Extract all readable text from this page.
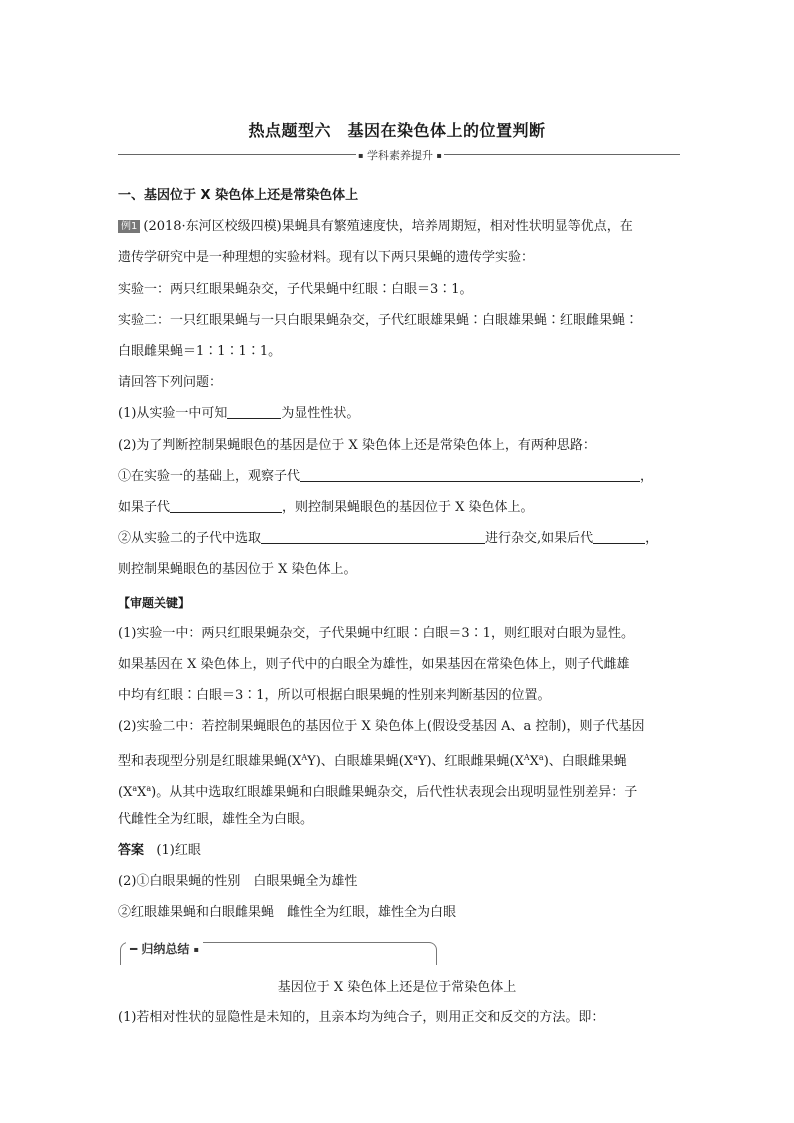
热点题型六　基因在染色体上的位置判断
▪ 学科素养提升 ▪
一、基因位于 X 染色体上还是常染色体上
例1 (2018·东河区校级四模)果蝇具有繁殖速度快，培养周期短，相对性状明显等优点，在
遗传学研究中是一种理想的实验材料。现有以下两只果蝇的遗传学实验：
实验一：两只红眼果蝇杂交，子代果蝇中红眼∶白眼＝3∶1。
实验二：一只红眼果蝇与一只白眼果蝇杂交，子代红眼雄果蝇∶白眼雄果蝇∶红眼雌果蝇∶
白眼雌果蝇＝1∶1∶1∶1。
请回答下列问题：
(1)从实验一中可知	为显性性状。
(2)为了判断控制果蝇眼色的基因是位于 X 染色体上还是常染色体上，有两种思路：
①在实验一的基础上，观察子代	，
如果子代	，则控制果蝇眼色的基因位于 X 染色体上。
②从实验二的子代中选取	进行杂交,如果后代	，
则控制果蝇眼色的基因位于 X 染色体上。
【审题关键】
(1)实验一中：两只红眼果蝇杂交，子代果蝇中红眼∶白眼＝3∶1，则红眼对白眼为显性。
如果基因在 X 染色体上，则子代中的白眼全为雄性，如果基因在常染色体上，则子代雌雄
中均有红眼∶白眼＝3∶1，所以可根据白眼果蝇的性别来判断基因的位置。
(2)实验二中：若控制果蝇眼色的基因位于 X 染色体上(假设受基因 A、a 控制)，则子代基因
型和表现型分别是红眼雄果蝇$(X^AY)$、白眼雄果蝇$(X^aY)$、红眼雌果蝇$(X^AX^a)$、白眼雌果蝇
$(X^aX^a)$。从其中选取红眼雄果蝇和白眼雌果蝇杂交，后代性状表现会出现明显性别差异：子
代雌性全为红眼，雄性全为白眼。
答案 (1)红眼
(2)①白眼果蝇的性别　白眼果蝇全为雄性
②红眼雄果蝇和白眼雌果蝇　雌性全为红眼，雄性全为白眼
━ 归纳总结 ▪
基因位于 X 染色体上还是位于常染色体上
(1)若相对性状的显隐性是未知的，且亲本均为纯合子，则用正交和反交的方法。即：
